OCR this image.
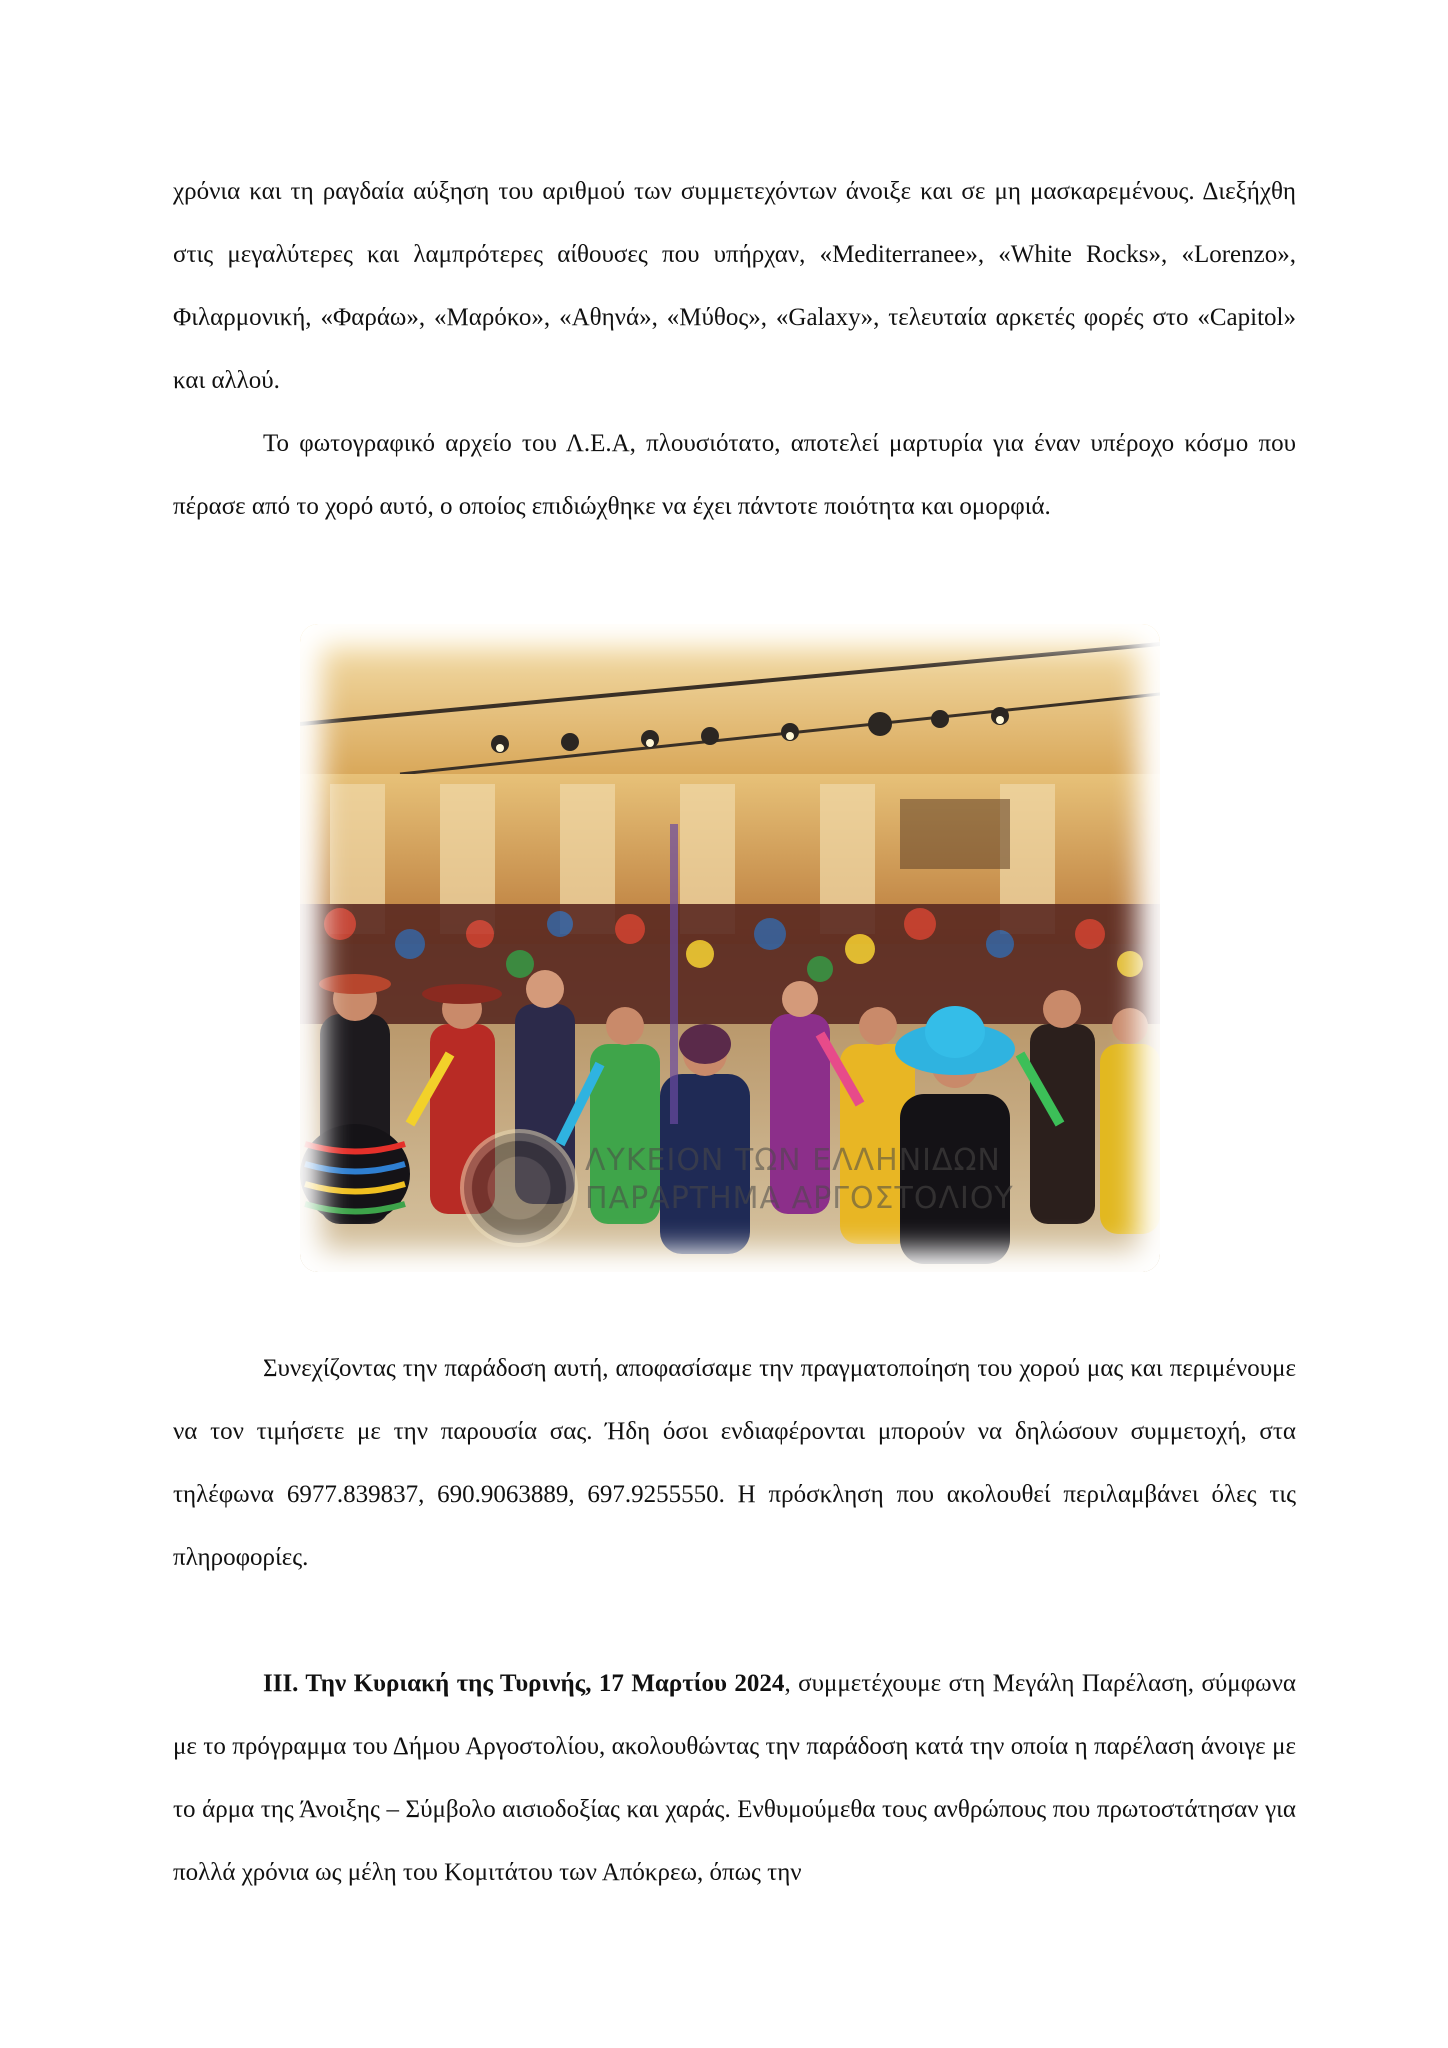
χρόνια και τη ραγδαία αύξηση του αριθμού των συμμετεχόντων άνοιξε και σε μη μασκαρεμένους. Διεξήχθη στις μεγαλύτερες και λαμπρότερες αίθουσες που υπήρχαν, «Mediterranee», «White Rocks», «Lorenzo», Φιλαρμονική, «Φαράω», «Μαρόκο», «Αθηνά», «Μύθος», «Galaxy», τελευταία αρκετές φορές στο «Capitol» και αλλού.

Το φωτογραφικό αρχείο του Λ.Ε.Α, πλουσιότατο, αποτελεί μαρτυρία για έναν υπέροχο κόσμο που πέρασε από το χορό αυτό, ο οποίος επιδιώχθηκε να έχει πάντοτε ποιότητα και ομορφιά.

ΛΥΚΕΙΟΝ ΤΩΝ ΕΛΛΗΝΙΔΩΝ
ΠΑΡΑΡΤΗΜΑ ΑΡΓΟΣΤΟΛΙΟΥ

Συνεχίζοντας την παράδοση αυτή, αποφασίσαμε την πραγματοποίηση του χορού μας και περιμένουμε να τον τιμήσετε με την παρουσία σας. Ήδη όσοι ενδιαφέρονται μπορούν να δηλώσουν συμμετοχή, στα τηλέφωνα 6977.839837, 690.9063889, 697.9255550. Η πρόσκληση που ακολουθεί περιλαμβάνει όλες τις πληροφορίες.

ΙΙΙ. Την Κυριακή της Τυρινής, 17 Μαρτίου 2024, συμμετέχουμε στη Μεγάλη Παρέλαση, σύμφωνα με το πρόγραμμα του Δήμου Αργοστολίου, ακολουθώντας την παράδοση κατά την οποία η παρέλαση άνοιγε με το άρμα της Άνοιξης – Σύμβολο αισιοδοξίας και χαράς. Ενθυμούμεθα τους ανθρώπους που πρωτοστάτησαν για πολλά χρόνια ως μέλη του Κομιτάτου των Απόκρεω, όπως την
